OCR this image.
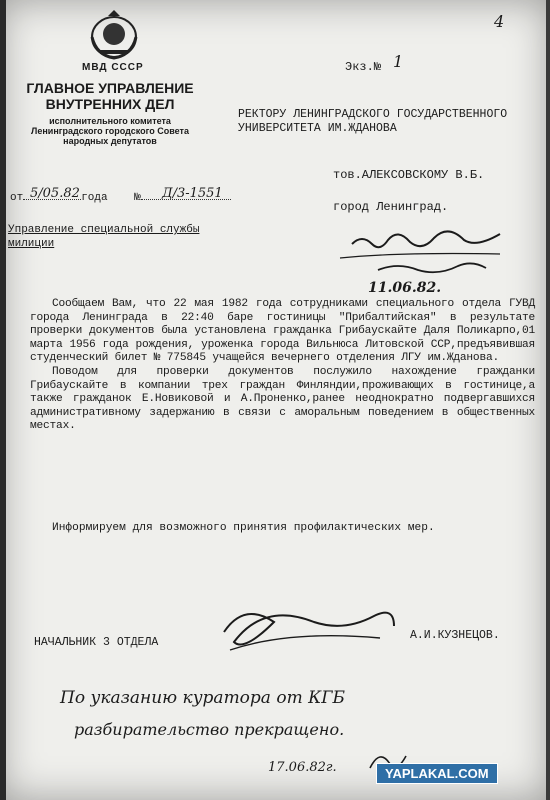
МВД СССР
ГЛАВНОЕ УПРАВЛЕНИЕ
ВНУТРЕННИХ ДЕЛ
исполнительного комитета Ленинградского городского Совета народных депутатов
4
Экз.№ 1
РЕКТОРУ ЛЕНИНГРАДСКОГО ГОСУДАРСТВЕННОГО УНИВЕРСИТЕТА ИМ.ЖДАНОВА
тов.АЛЕКСОВСКОМУ В.Б.
город Ленинград.
от	года №
5/05.82	Д/3-1551
Управление специальной службы
милиции
11.06.82.

Сообщаем Вам, что 22 мая 1982 года сотрудниками специального отдела ГУВД города Ленинграда в 22:40 баре гостиницы "Прибалтийская" в результате проверки документов была установлена гражданка Грибаускайте Даля Поликарпо,01 марта 1956 года рождения, уроженка города Вильнюса Литовской ССР,предъявившая студенческий билет № 775845 учащейся вечернего отделения ЛГУ им.Жданова.

Поводом для проверки документов послужило нахождение гражданки Грибаускайте в компании трех граждан Финляндии,проживающих в гостинице,а также гражданок Е.Новиковой и А.Проненко,ранее неоднократно подвергавшихся административному задержанию в связи с аморальным поведением в общественных местах.

Информируем для возможного принятия профилактических мер.
НАЧАЛЬНИК 3 ОТДЕЛА
А.И.КУЗНЕЦОВ.
По указанию куратора от КГБ
разбирательство прекращено.
17.06.82г.	YAPLAKAL.COM
